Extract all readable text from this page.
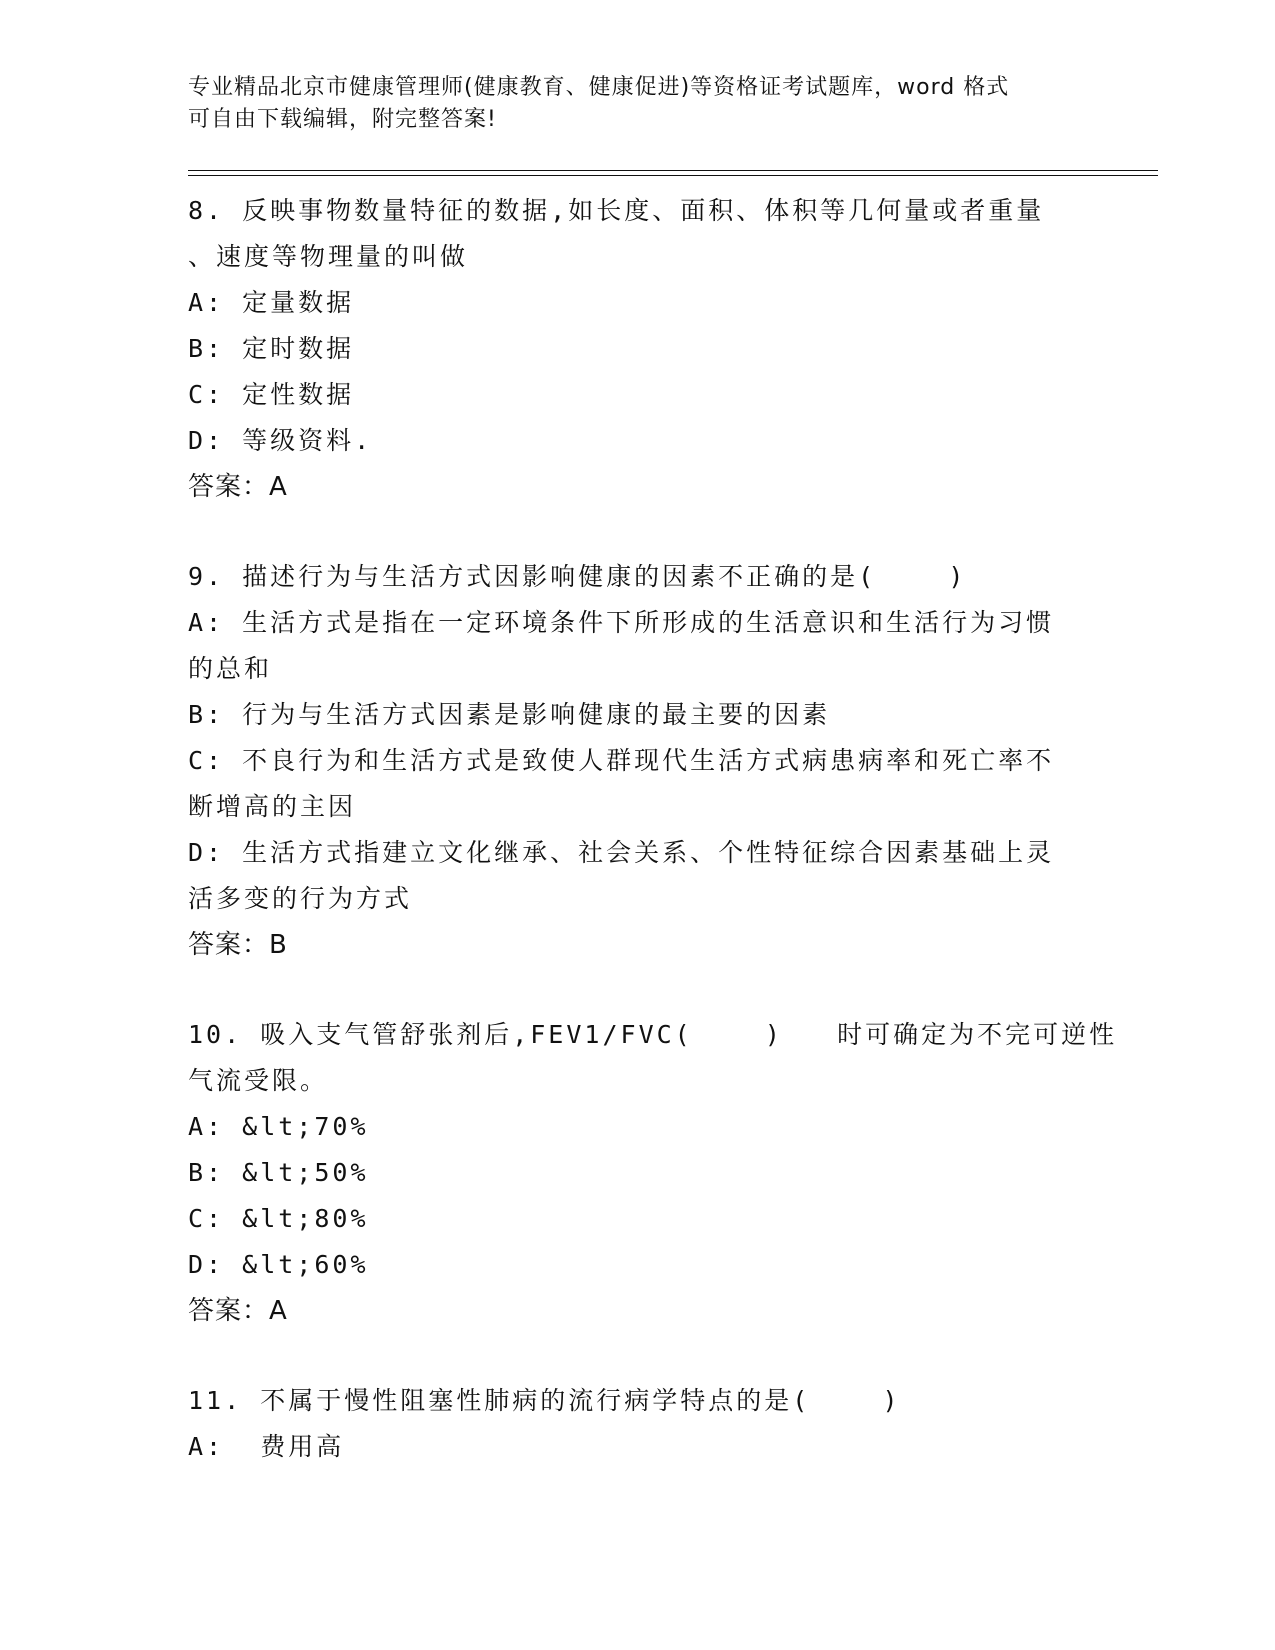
专业精品北京市健康管理师(健康教育、健康促进)等资格证考试题库，word 格式
可自由下载编辑，附完整答案!
8. 反映事物数量特征的数据,如长度、面积、体积等几何量或者重量
、速度等物理量的叫做
A: 定量数据
B: 定时数据
C: 定性数据
D: 等级资料.
答案：A
9. 描述行为与生活方式因影响健康的因素不正确的是(    )
A: 生活方式是指在一定环境条件下所形成的生活意识和生活行为习惯
的总和
B: 行为与生活方式因素是影响健康的最主要的因素
C: 不良行为和生活方式是致使人群现代生活方式病患病率和死亡率不
断增高的主因
D: 生活方式指建立文化继承、社会关系、个性特征综合因素基础上灵
活多变的行为方式
答案：B
10. 吸入支气管舒张剂后,FEV1/FVC(    )   时可确定为不完可逆性
气流受限。
A: &lt;70%
B: &lt;50%
C: &lt;80%
D: &lt;60%
答案：A
11. 不属于慢性阻塞性肺病的流行病学特点的是(    )
A:  费用高
